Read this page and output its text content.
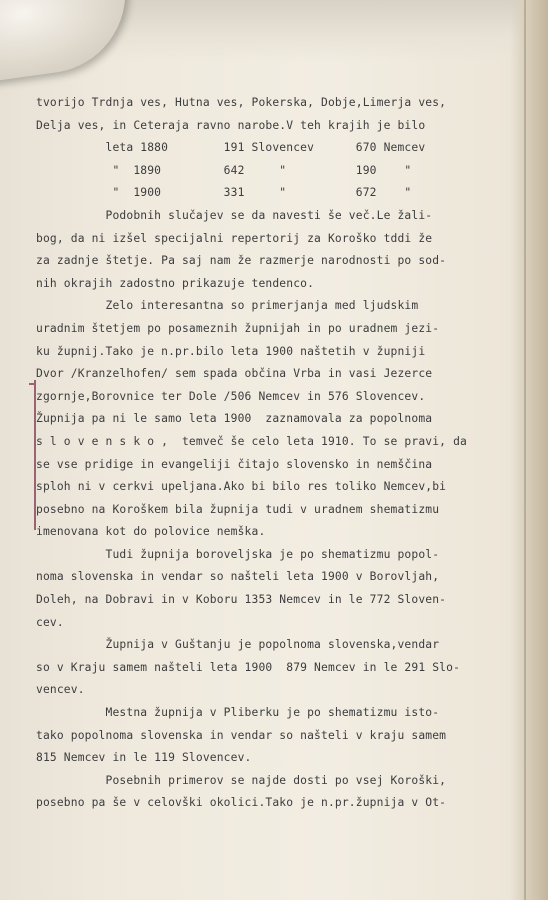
tvorijo Trdnja ves, Hutna ves, Pokerska, Dobje,Limerja ves,
Delja ves, in Ceteraja ravno narobe.V teh krajih je bilo
leta 1880        191 Slovencev      670 Nemcev
"  1890         642     "          190    "
"  1900         331     "          672    "
Podobnih slučajev se da navesti še več.Le žali-
bog, da ni izšel specijalni repertorij za Koroško tddi že
za zadnje štetje. Pa saj nam že razmerje narodnosti po sod-
nih okrajih zadostno prikazuje tendenco.
Zelo interesantna so primerjanja med ljudskim
uradnim štetjem po posameznih župnijah in po uradnem jezi-
ku župnij.Tako je n.pr.bilo leta 1900 naštetih v župniji
Dvor /Kranzelhofen/ sem spada občina Vrba in vasi Jezerce
zgornje,Borovnice ter Dole /506 Nemcev in 576 Slovencev.
Župnija pa ni le samo leta 1900  zaznamovala za popolnoma
s l o v e n s k o ,  temveč še celo leta 1910. To se pravi, da
se vse pridige in evangeliji čitajo slovensko in nemščina
sploh ni v cerkvi upeljana.Ako bi bilo res toliko Nemcev,bi
posebno na Koroškem bila župnija tudi v uradnem shematizmu
imenovana kot do polovice nemška.
Tudi župnija boroveljska je po shematizmu popol-
noma slovenska in vendar so našteli leta 1900 v Borovljah,
Doleh, na Dobravi in v Koboru 1353 Nemcev in le 772 Sloven-
cev.
Župnija v Guštanju je popolnoma slovenska,vendar
so v Kraju samem našteli leta 1900  879 Nemcev in le 291 Slo-
vencev.
Mestna župnija v Pliberku je po shematizmu isto-
tako popolnoma slovenska in vendar so našteli v kraju samem
815 Nemcev in le 119 Slovencev.
Posebnih primerov se najde dosti po vsej Koroški,
posebno pa še v celovški okolici.Tako je n.pr.župnija v Ot-
